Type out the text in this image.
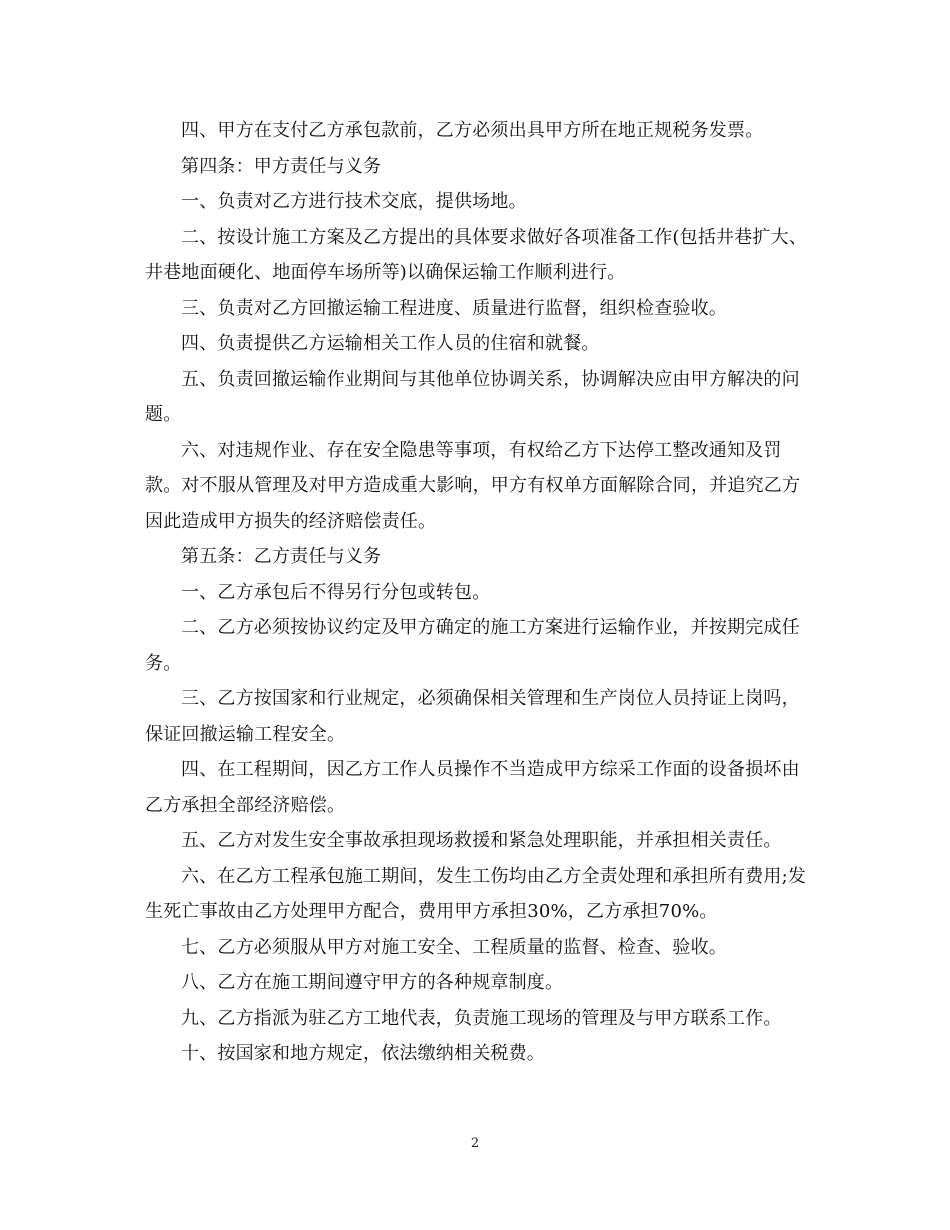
四、甲方在支付乙方承包款前，乙方必须出具甲方所在地正规税务发票。

第四条：甲方责任与义务

一、负责对乙方进行技术交底，提供场地。

二、按设计施工方案及乙方提出的具体要求做好各项准备工作(包括井巷扩大、井巷地面硬化、地面停车场所等)以确保运输工作顺利进行。

三、负责对乙方回撤运输工程进度、质量进行监督，组织检查验收。

四、负责提供乙方运输相关工作人员的住宿和就餐。

五、负责回撤运输作业期间与其他单位协调关系，协调解决应由甲方解决的问题。

六、对违规作业、存在安全隐患等事项，有权给乙方下达停工整改通知及罚款。对不服从管理及对甲方造成重大影响，甲方有权单方面解除合同，并追究乙方因此造成甲方损失的经济赔偿责任。

第五条：乙方责任与义务

一、乙方承包后不得另行分包或转包。

二、乙方必须按协议约定及甲方确定的施工方案进行运输作业，并按期完成任务。

三、乙方按国家和行业规定，必须确保相关管理和生产岗位人员持证上岗吗，保证回撤运输工程安全。

四、在工程期间，因乙方工作人员操作不当造成甲方综采工作面的设备损坏由乙方承担全部经济赔偿。

五、乙方对发生安全事故承担现场救援和紧急处理职能，并承担相关责任。

六、在乙方工程承包施工期间，发生工伤均由乙方全责处理和承担所有费用;发生死亡事故由乙方处理甲方配合，费用甲方承担30%，乙方承担70%。

七、乙方必须服从甲方对施工安全、工程质量的监督、检查、验收。

八、乙方在施工期间遵守甲方的各种规章制度。

九、乙方指派为驻乙方工地代表，负责施工现场的管理及与甲方联系工作。

十、按国家和地方规定，依法缴纳相关税费。

2
